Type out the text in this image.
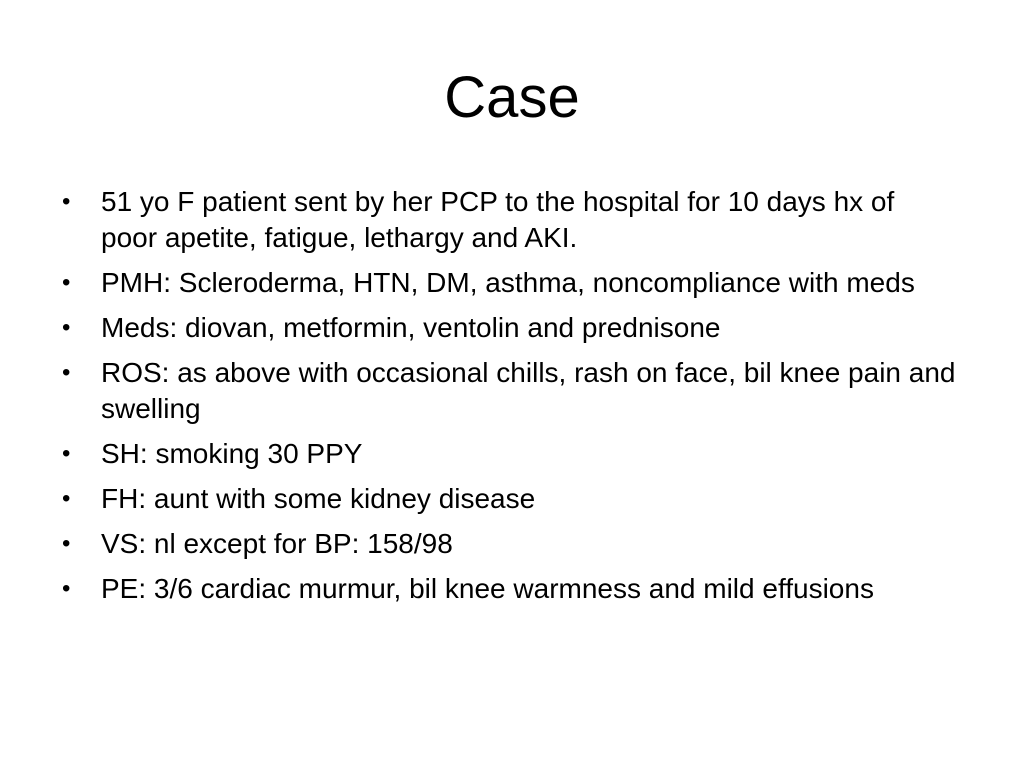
Case
• 51 yo F patient sent by her PCP to the hospital for 10 days hx of poor apetite, fatigue, lethargy and AKI.
• PMH: Scleroderma, HTN, DM, asthma, noncompliance with meds
• Meds: diovan, metformin, ventolin and prednisone
• ROS: as above with occasional chills, rash on face, bil knee pain and swelling
• SH: smoking 30 PPY
• FH: aunt with some kidney disease
• VS: nl except for BP: 158/98
• PE: 3/6 cardiac murmur, bil knee warmness and mild effusions
